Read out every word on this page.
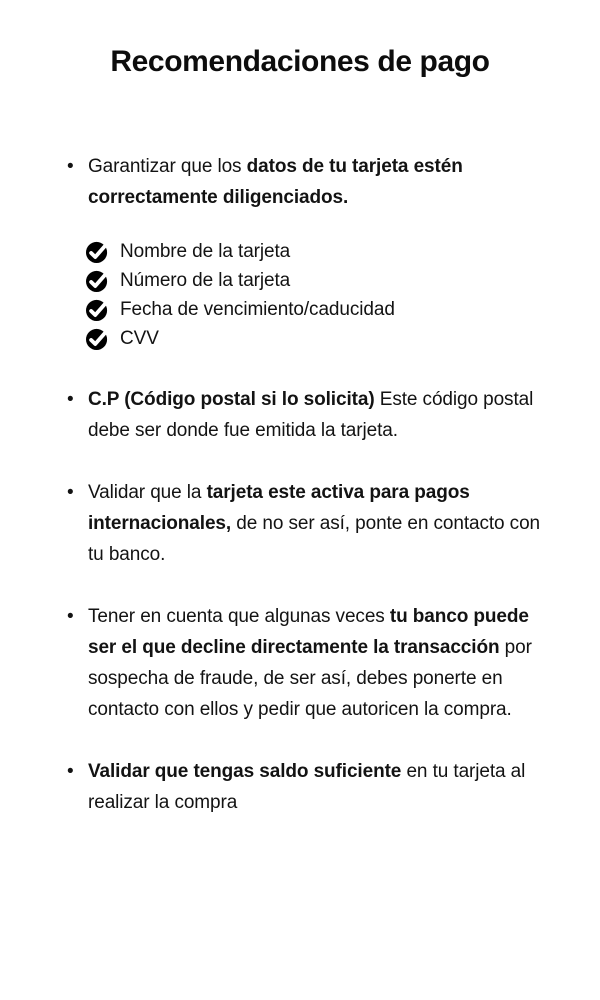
Recomendaciones de pago
• Garantizar que los datos de tu tarjeta estén correctamente diligenciados.
Nombre de la tarjeta
Número de la tarjeta
Fecha de vencimiento/caducidad
CVV
• C.P (Código postal si lo solicita) Este código postal debe ser donde fue emitida la tarjeta.
• Validar que la tarjeta este activa para pagos internacionales, de no ser así, ponte en contacto con tu banco.
• Tener en cuenta que algunas veces tu banco puede ser el que decline directamente la transacción por sospecha de fraude, de ser así, debes ponerte en contacto con ellos y pedir que autoricen la compra.
• Validar que tengas saldo suficiente en tu tarjeta al realizar la compra
